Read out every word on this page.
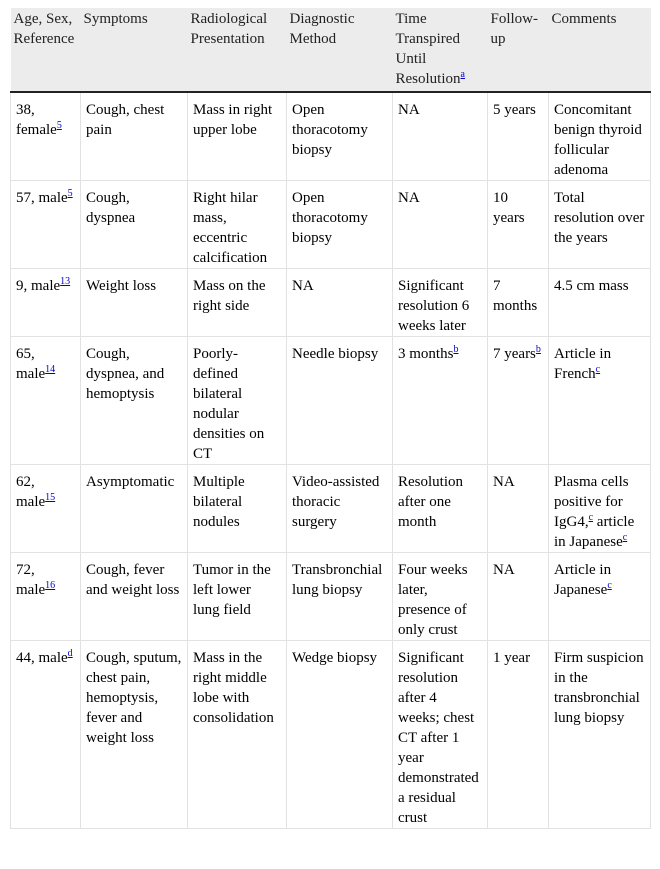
Age, Sex, Reference	Symptoms	Radiological Presentation	Diagnostic Method	Time Transpired Until Resolution$^a$	Follow-up	Comments
38, female$^5$	Cough, chest pain	Mass in right upper lobe	Open thoracotomy biopsy	NA	5 years	Concomitant benign thyroid follicular adenoma
57, male$^5$	Cough, dyspnea	Right hilar mass, eccentric calcification	Open thoracotomy biopsy	NA	10 years	Total resolution over the years
9, male$^{13}$	Weight loss	Mass on the right side	NA	Significant resolution 6 weeks later	7 months	4.5 cm mass
65, male$^{14}$	Cough, dyspnea, and hemoptysis	Poorly-defined bilateral nodular densities on CT	Needle biopsy	3 months$^b$	7 years$^b$	Article in French$^c$
62, male$^{15}$	Asymptomatic	Multiple bilateral nodules	Video-assisted thoracic surgery	Resolution after one month	NA	Plasma cells positive for IgG4,$^c$ article in Japanese$^c$
72, male$^{16}$	Cough, fever and weight loss	Tumor in the left lower lung field	Transbronchial lung biopsy	Four weeks later, presence of only crust	NA	Article in Japanese$^c$
44, male$^d$	Cough, sputum, chest pain, hemoptysis, fever and weight loss	Mass in the right middle lobe with consolidation	Wedge biopsy	Significant resolution after 4 weeks; chest CT after 1 year demonstrated a residual crust	1 year	Firm suspicion in the transbronchial lung biopsy
